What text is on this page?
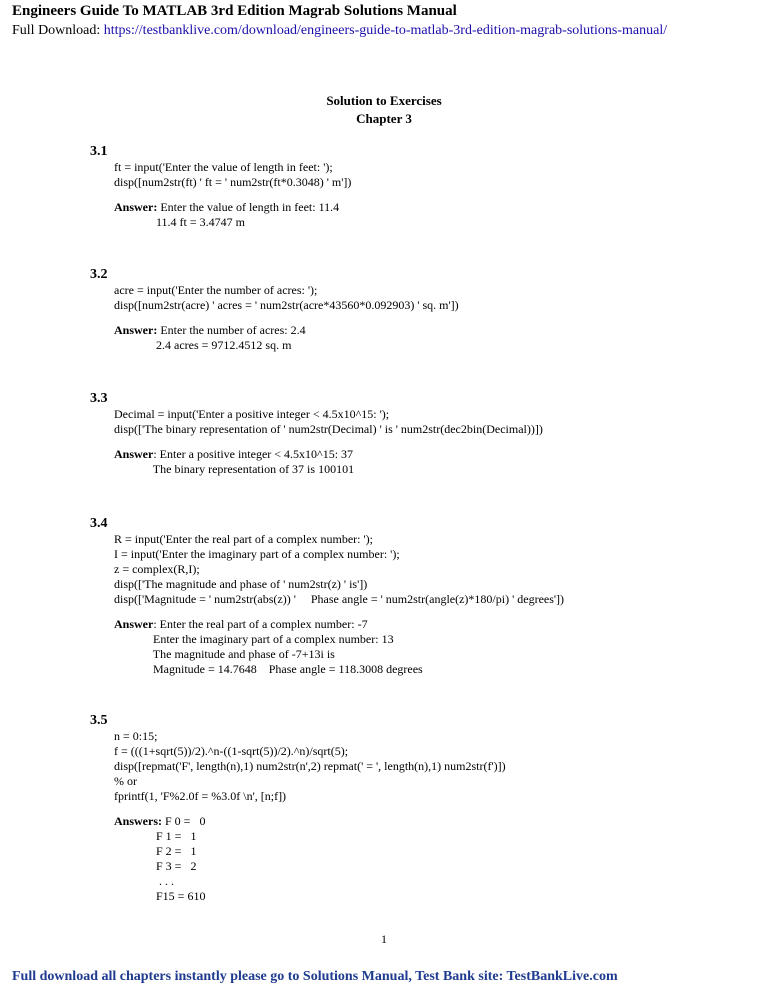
Engineers Guide To MATLAB 3rd Edition Magrab Solutions Manual
Full Download: https://testbanklive.com/download/engineers-guide-to-matlab-3rd-edition-magrab-solutions-manual/
Solution to Exercises
Chapter 3
3.1
ft = input('Enter the value of length in feet: ');
disp([num2str(ft) ' ft = ' num2str(ft*0.3048) ' m'])
Answer: Enter the value of length in feet: 11.4
11.4 ft = 3.4747 m
3.2
acre = input('Enter the number of acres: ');
disp([num2str(acre) ' acres = ' num2str(acre*43560*0.092903) ' sq. m'])
Answer: Enter the number of acres: 2.4
2.4 acres = 9712.4512 sq. m
3.3
Decimal = input('Enter a positive integer < 4.5x10^15: ');
disp(['The binary representation of ' num2str(Decimal) ' is ' num2str(dec2bin(Decimal))])
Answer: Enter a positive integer < 4.5x10^15: 37
The binary representation of 37 is 100101
3.4
R = input('Enter the real part of a complex number: ');
I = input('Enter the imaginary part of a complex number: ');
z = complex(R,I);
disp(['The magnitude and phase of ' num2str(z) ' is'])
disp(['Magnitude = ' num2str(abs(z)) '     Phase angle = ' num2str(angle(z)*180/pi) ' degrees'])
Answer: Enter the real part of a complex number: -7
Enter the imaginary part of a complex number: 13
The magnitude and phase of -7+13i is
Magnitude = 14.7648    Phase angle = 118.3008 degrees
3.5
n = 0:15;
f = (((1+sqrt(5))/2).^n-((1-sqrt(5))/2).^n)/sqrt(5);
disp([repmat('F', length(n),1) num2str(n',2) repmat(' = ', length(n),1) num2str(f')])
% or
fprintf(1, 'F%2.0f = %3.0f \n', [n;f])
Answers: F 0 =   0
F 1 =   1
F 2 =   1
F 3 =   2
. . .
F15 = 610
1
Full download all chapters instantly please go to Solutions Manual, Test Bank site: TestBankLive.com
